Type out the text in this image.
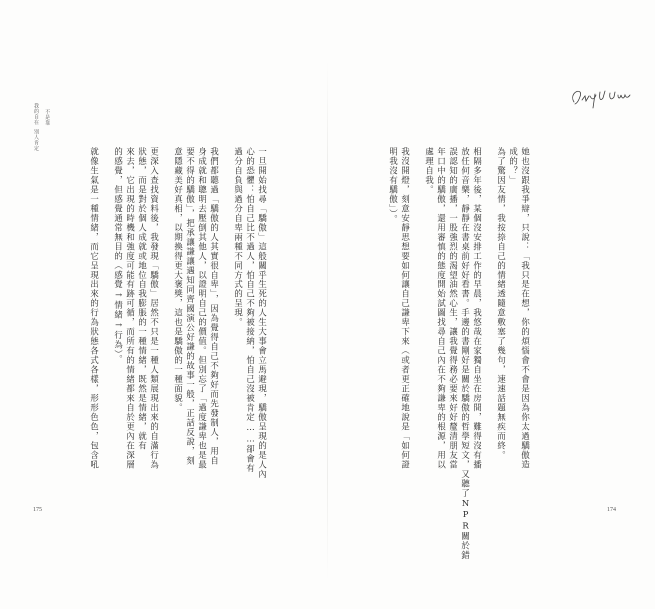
我的自在 不是靠 別人肯定
她也沒跟我爭辯，只說：「我只是在想，你的煩惱會不會是因為你太過驕傲造
成的？」
為了驚因友情，我按捺自己的情緒透隨意敷塞了幾句，速速話題無疾而終。
相隔多年後，某個沒安排工作的早晨，我悠哉在家獨自坐在房間，難得沒有播
放任何音樂，靜靜在書桌前好好看書。手邊的書剛好是關於驕傲的哲學短文，又聽了NPR關於錯
誤認知的廣播，一股強烈的渴望油然心生，讓我覺得務必要來好好釐清朋友當
年口中的驕傲，還用審慎的態度開始試圖找尋自己內在不夠謙卑的根源，用以
處理自我。
我沒開燈，刻意安靜思想要如何讓自己謙卑下來（或者更正確地說是「如何證
明我沒有驕傲」）。
174
一旦開始找尋「驕傲」這般關乎生死的人生大事會立馬避現，驕傲呈現的是人內
心的恐懼：怕自己比不過人，怕自己不夠被接納，怕自己沒被肯定……卻會有
過分自負與過分自卑兩種不同方式的呈現。
我們都聽過「驕傲的人其實很自卑」，因為覺得自己不夠好而先發制人，用自
身成就和聰明去壓倒其他人，以證明自己的價值。但別忘了「過度謙卑也是最
要不得的驕傲」，把承讓謙讓遇知同齊國演公好謙的故事一般，正話反說，刻
意隱藏美好真相，以期換得更大褒獎，這也是驕傲的一種面貌。
更深入查找資料後，我發現「驕傲」居然不只是一種人類展現出來的自滿行為
狀態，而是對於個人成就或地位自我膨脹的一種情緒，既然是情緒，就有
來去，它出現的時機和強度可能有跡可循，而所有的情緒都來自於更內在深層
的感覺，但感覺通常無目的（感覺→情緒→行為）。
就像生氣是一種情緒，而它呈現出來的行為狀態各式各樣，形形色色，包含吼
175
